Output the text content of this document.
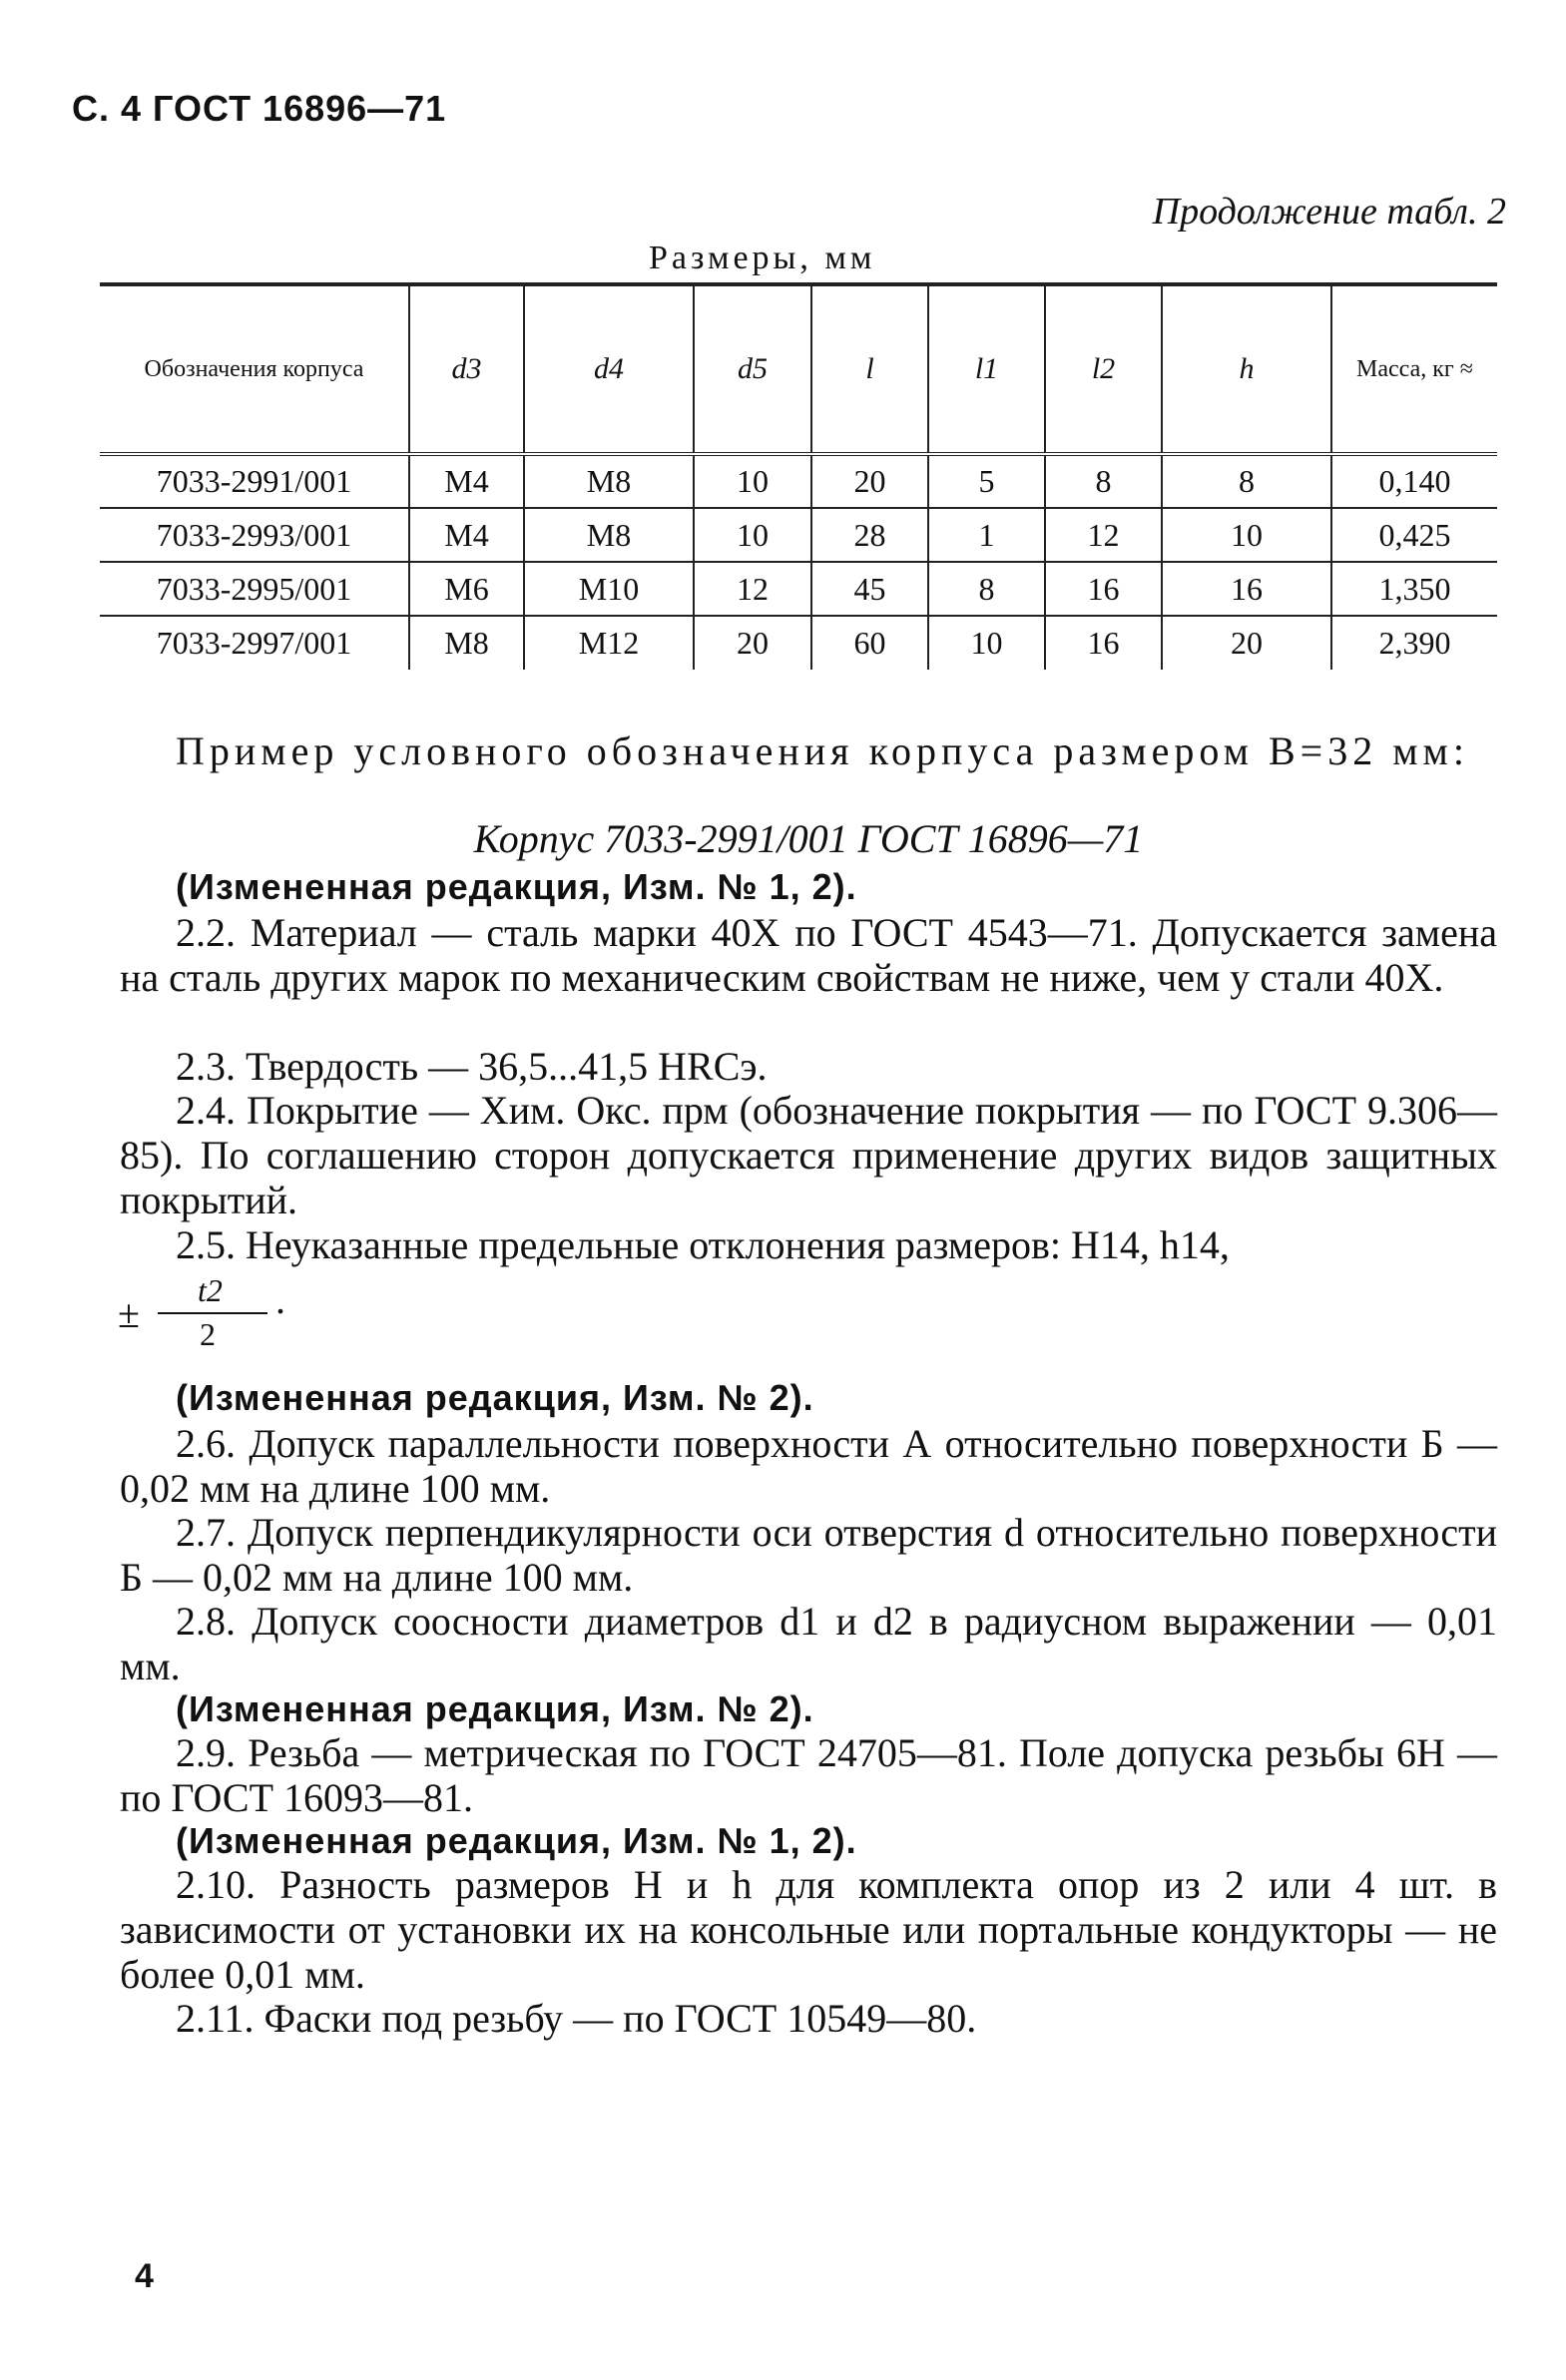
С. 4 ГОСТ 16896—71
Продолжение табл. 2
Размеры, мм
Обозначения корпуса	d3	d4	d5	l	l1	l2	h	Масса, кг ≈
7033-2991/001	М4	М8	10	20	5	8	8	0,140
7033-2993/001	М4	М8	10	28	1	12	10	0,425
7033-2995/001	М6	М10	12	45	8	16	16	1,350
7033-2997/001	М8	М12	20	60	10	16	20	2,390
Пример условного обозначения корпуса размером B=32 мм:
Корпус 7033-2991/001 ГОСТ 16896—71
(Измененная редакция, Изм. № 1, 2).
2.2. Материал — сталь марки 40Х по ГОСТ 4543—71. Допускается замена на сталь других марок по механическим свойствам не ниже, чем у стали 40Х.
2.3. Твердость — 36,5...41,5 HRCэ.
2.4. Покрытие — Хим. Окс. прм (обозначение покрытия — по ГОСТ 9.306—85). По соглашению сторон допускается применение других видов защитных покрытий.
2.5. Неуказанные предельные отклонения размеров: H14, h14,
t2
± 2
.
(Измененная редакция, Изм. № 2).
2.6. Допуск параллельности поверхности А относительно поверхности Б — 0,02 мм на длине 100 мм.
2.7. Допуск перпендикулярности оси отверстия d относительно поверхности Б — 0,02 мм на длине 100 мм.
2.8. Допуск соосности диаметров d1 и d2 в радиусном выражении — 0,01 мм.
(Измененная редакция, Изм. № 2).
2.9. Резьба — метрическая по ГОСТ 24705—81. Поле допуска резьбы 6Н — по ГОСТ 16093—81.
(Измененная редакция, Изм. № 1, 2).
2.10. Разность размеров H и h для комплекта опор из 2 или 4 шт. в зависимости от установки их на консольные или портальные кондукторы — не более 0,01 мм.
2.11. Фаски под резьбу — по ГОСТ 10549—80.
4
